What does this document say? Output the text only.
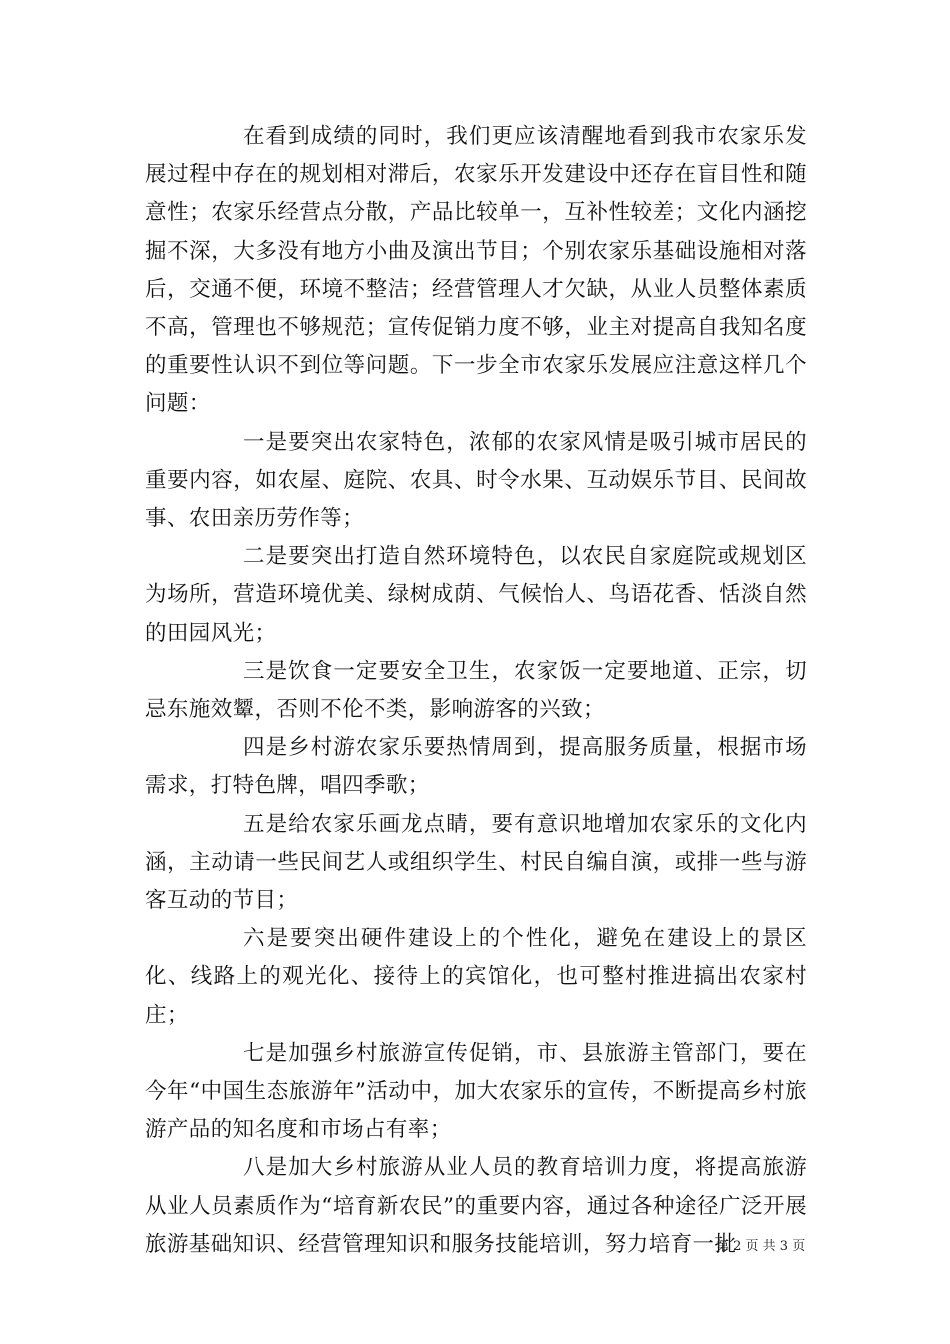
在看到成绩的同时，我们更应该清醒地看到我市农家乐发展过程中存在的规划相对滞后，农家乐开发建设中还存在盲目性和随意性；农家乐经营点分散，产品比较单一，互补性较差；文化内涵挖掘不深，大多没有地方小曲及演出节目；个别农家乐基础设施相对落后，交通不便，环境不整洁；经营管理人才欠缺，从业人员整体素质不高，管理也不够规范；宣传促销力度不够，业主对提高自我知名度的重要性认识不到位等问题。下一步全市农家乐发展应注意这样几个问题：

一是要突出农家特色，浓郁的农家风情是吸引城市居民的重要内容，如农屋、庭院、农具、时令水果、互动娱乐节目、民间故事、农田亲历劳作等；

二是要突出打造自然环境特色，以农民自家庭院或规划区为场所，营造环境优美、绿树成荫、气候怡人、鸟语花香、恬淡自然的田园风光；

三是饮食一定要安全卫生，农家饭一定要地道、正宗，切忌东施效颦，否则不伦不类，影响游客的兴致；

四是乡村游农家乐要热情周到，提高服务质量，根据市场需求，打特色牌，唱四季歌；

五是给农家乐画龙点睛，要有意识地增加农家乐的文化内涵，主动请一些民间艺人或组织学生、村民自编自演，或排一些与游客互动的节目；

六是要突出硬件建设上的个性化，避免在建设上的景区化、线路上的观光化、接待上的宾馆化，也可整村推进搞出农家村庄；

七是加强乡村旅游宣传促销，市、县旅游主管部门，要在今年“中国生态旅游年”活动中，加大农家乐的宣传，不断提高乡村旅游产品的知名度和市场占有率；

八是加大乡村旅游从业人员的教育培训力度，将提高旅游从业人员素质作为“培育新农民”的重要内容，通过各种途径广泛开展旅游基础知识、经营管理知识和服务技能培训，努力培育一批

第 2 页 共 3 页
